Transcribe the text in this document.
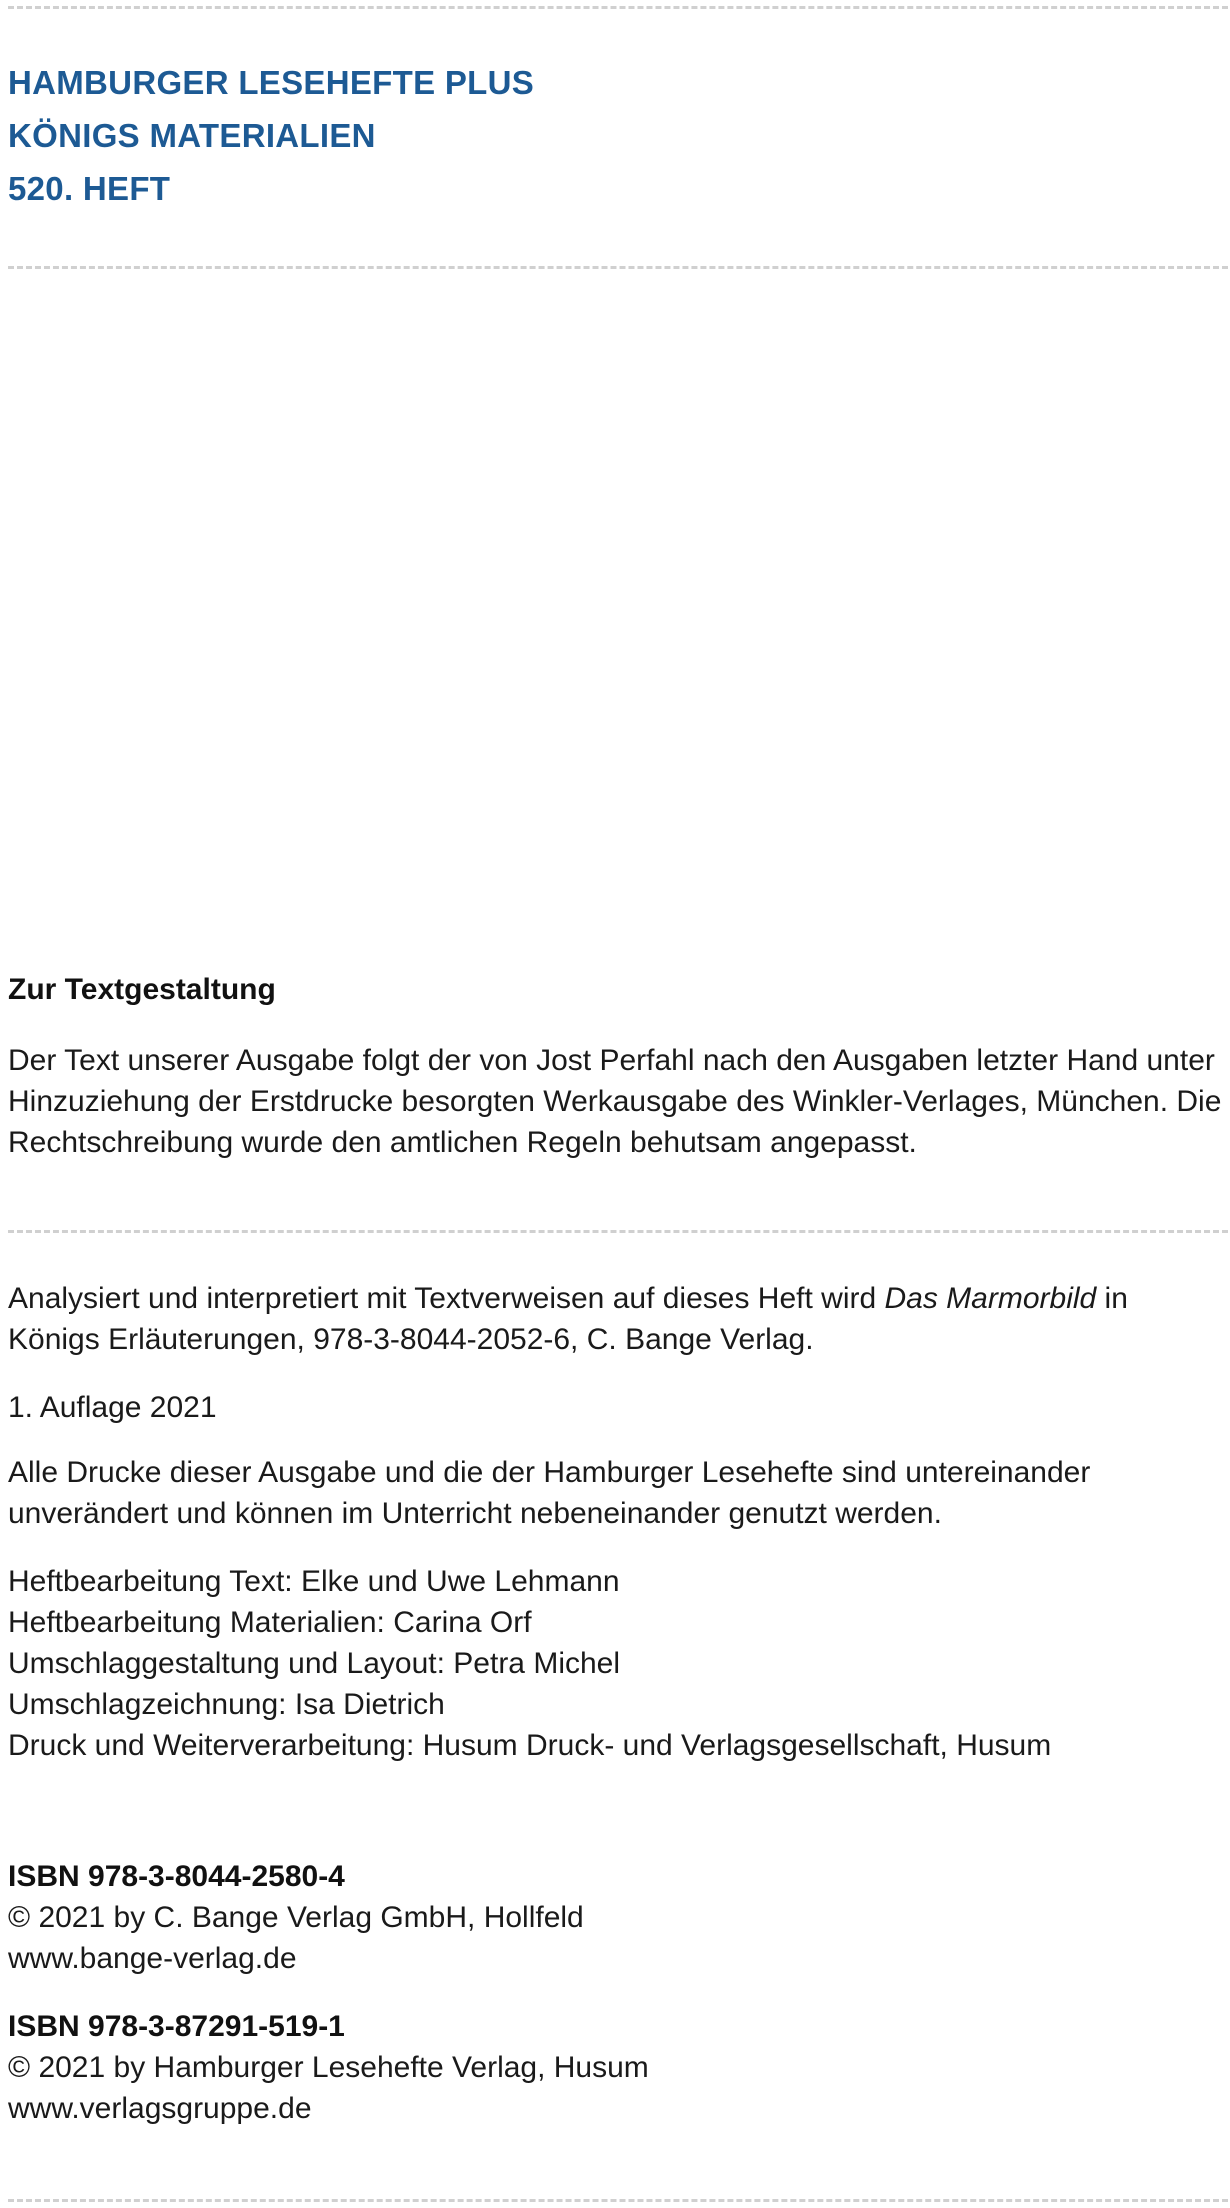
HAMBURGER LESEHEFTE PLUS
KÖNIGS MATERIALIEN
520. HEFT
Zur Textgestaltung
Der Text unserer Ausgabe folgt der von Jost Perfahl nach den Ausgaben letzter Hand unter Hinzuziehung der Erstdrucke besorgten Werkausgabe des Winkler-Verlages, München. Die Rechtschreibung wurde den amtlichen Regeln behutsam angepasst.
Analysiert und interpretiert mit Textverweisen auf dieses Heft wird Das Marmorbild in Königs Erläuterungen, 978-3-8044-2052-6, C. Bange Verlag.
1. Auflage 2021
Alle Drucke dieser Ausgabe und die der Hamburger Lesehefte sind untereinander unverändert und können im Unterricht nebeneinander genutzt werden.
Heftbearbeitung Text: Elke und Uwe Lehmann
Heftbearbeitung Materialien: Carina Orf
Umschlaggestaltung und Layout: Petra Michel
Umschlagzeichnung: Isa Dietrich
Druck und Weiterverarbeitung: Husum Druck- und Verlagsgesellschaft, Husum
ISBN 978-3-8044-2580-4
© 2021 by C. Bange Verlag GmbH, Hollfeld
www.bange-verlag.de
ISBN 978-3-87291-519-1
© 2021 by Hamburger Lesehefte Verlag, Husum
www.verlagsgruppe.de
